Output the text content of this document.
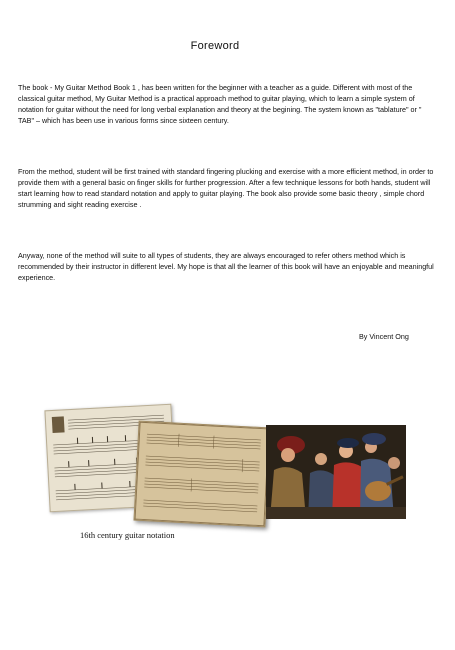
Foreword

The book - My Guitar Method Book 1 , has been written for the beginner with a teacher as a guide. Different with most of the classical guitar method, My Guitar Method is a practical approach method to guitar playing, which to learn a simple system of notation for guitar without the need for long verbal explanation and theory at the begining. The system known as "tablature" or " TAB" – which has been use in various forms since sixteen century.

From the method, student will be first trained with standard fingering plucking and exercise with a more efficient method, in order to provide them with a general basic on finger skills for further progression. After a few technique lessons for both hands, student will start learning how to read standard notation and apply to guitar playing. The book also provide some basic theory , simple chord strumming and sight reading exercise .

Anyway, none of the method will suite to all types of students, they are always encouraged to refer others method which is recommended by their instructor in different level. My hope is that all the learner of this book will have an enjoyable and meaningful experience.

By Vincent Ong
16th century guitar notation
